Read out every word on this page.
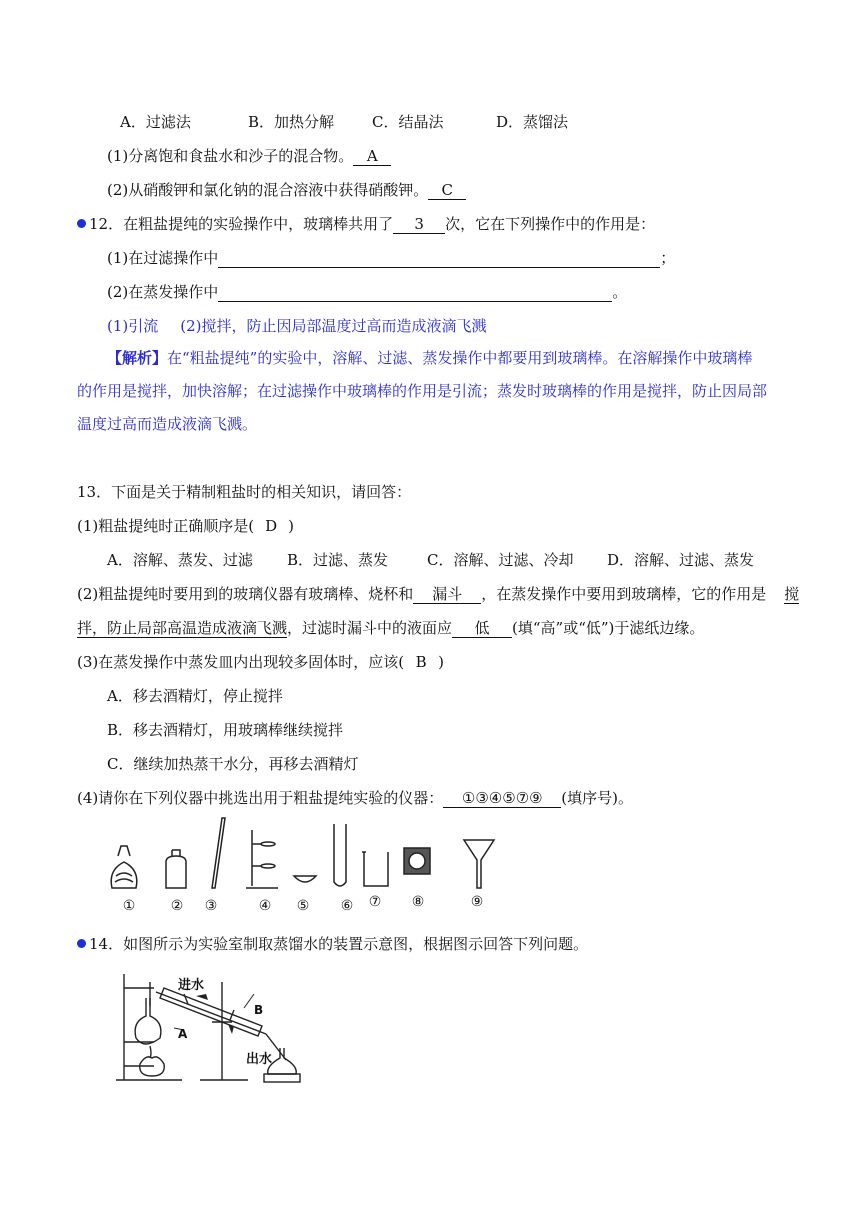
A．过滤法	B．加热分解	C．结晶法	D．蒸馏法
(1)分离饱和食盐水和沙子的混合物。 A
(2)从硝酸钾和氯化钠的混合溶液中获得硝酸钾。 C
12．在粗盐提纯的实验操作中，玻璃棒共用了 3 次，它在下列操作中的作用是：
(1)在过滤操作中	；
(2)在蒸发操作中	。
(1)引流 (2)搅拌，防止因局部温度过高而造成液滴飞溅
【解析】在“粗盐提纯”的实验中，溶解、过滤、蒸发操作中都要用到玻璃棒。在溶解操作中玻璃棒
的作用是搅拌，加快溶解；在过滤操作中玻璃棒的作用是引流；蒸发时玻璃棒的作用是搅拌，防止因局部
温度过高而造成液滴飞溅。
13．下面是关于精制粗盐时的相关知识，请回答：
(1)粗盐提纯时正确顺序是( D )
A．溶解、蒸发、过滤 B．过滤、蒸发	C．溶解、过滤、冷却 D．溶解、过滤、蒸发
(2)粗盐提纯时要用到的玻璃仪器有玻璃棒、烧杯和 漏斗 ，在蒸发操作中要用到玻璃棒，它的作用是 搅
拌，防止局部高温造成液滴飞溅，过滤时漏斗中的液面应 低 (填“高”或“低”)于滤纸边缘。
(3)在蒸发操作中蒸发皿内出现较多固体时，应该( B )
A．移去酒精灯，停止搅拌
B．移去酒精灯，用玻璃棒继续搅拌
C．继续加热蒸干水分，再移去酒精灯
(4)请你在下列仪器中挑选出用于粗盐提纯实验的仪器： ①③④⑤⑦⑨ (填序号)。
①	②	③	④	⑤	⑥	⑦	⑧	⑨
14．如图所示为实验室制取蒸馏水的装置示意图，根据图示回答下列问题。
进水
出水
A
B
